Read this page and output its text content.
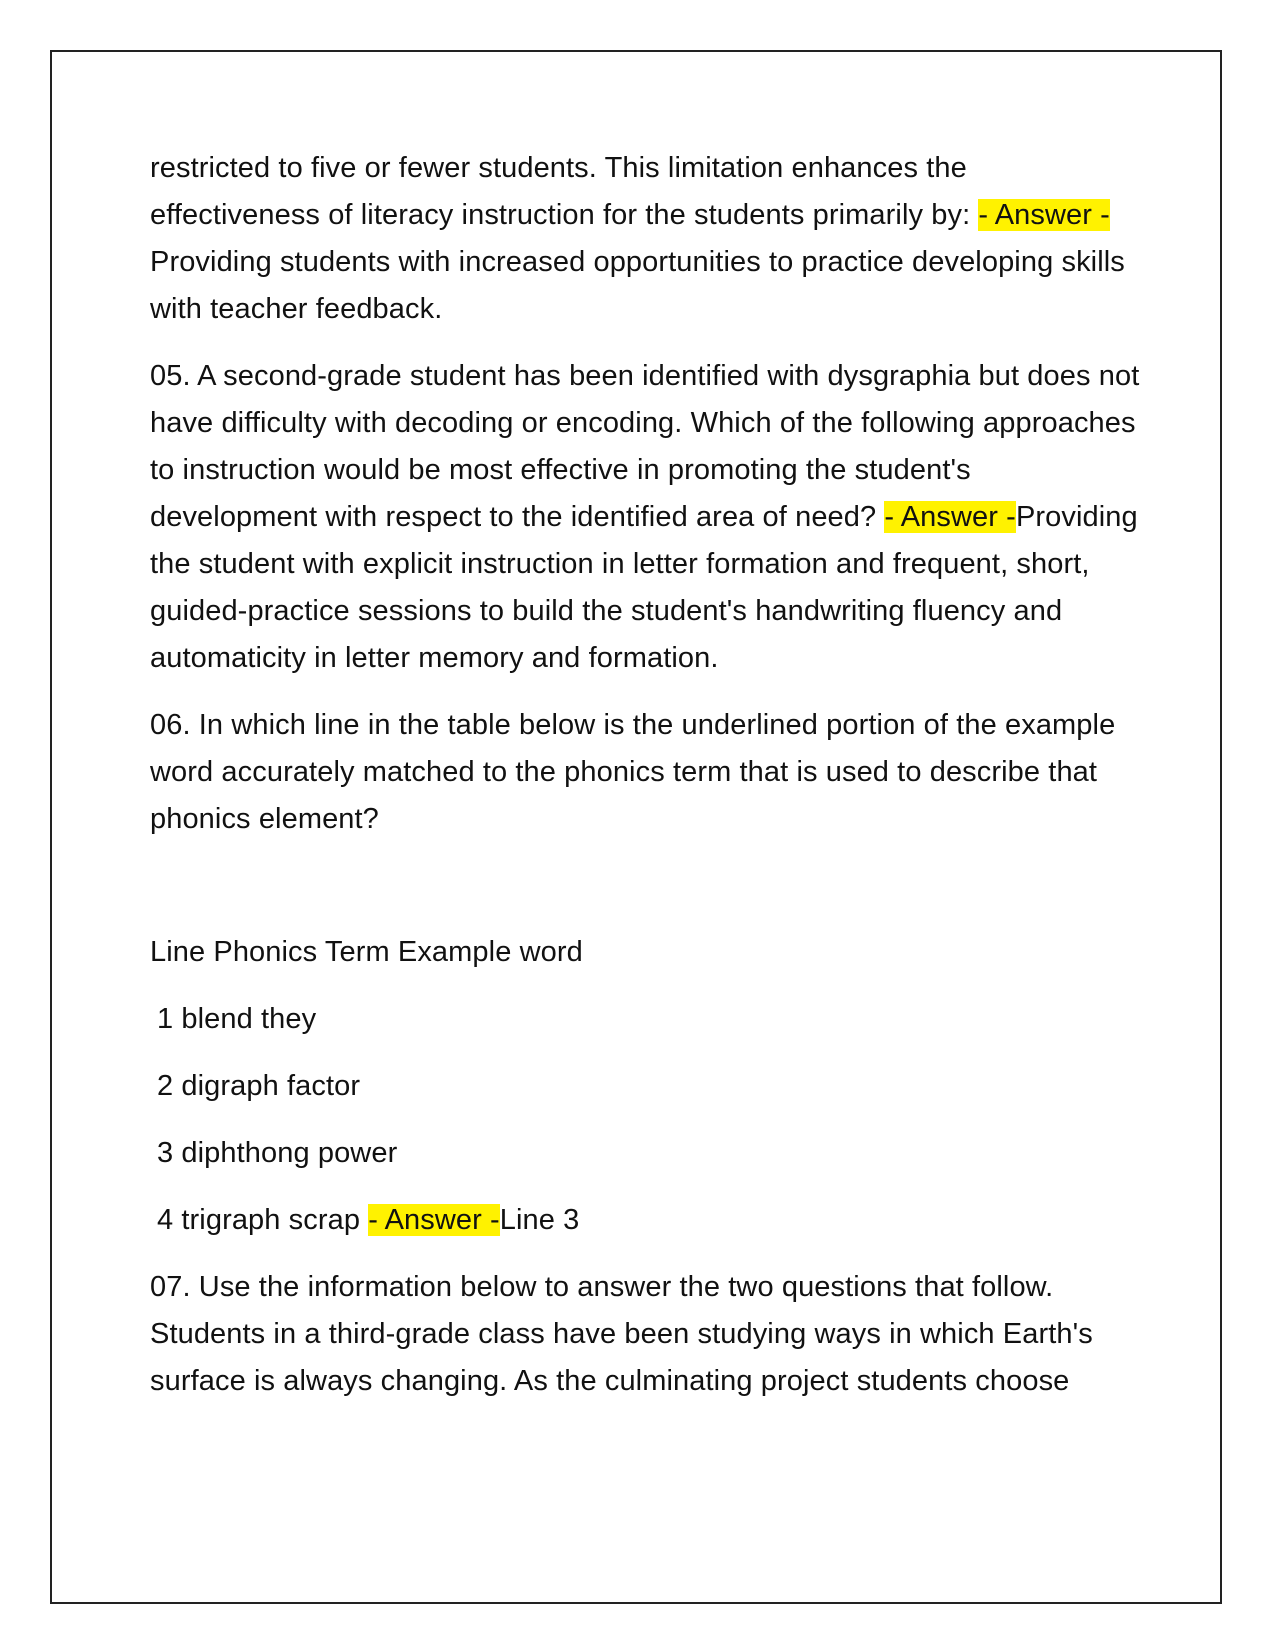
restricted to five or fewer students. This limitation enhances the effectiveness of literacy instruction for the students primarily by: - Answer -Providing students with increased opportunities to practice developing skills with teacher feedback.

05. A second-grade student has been identified with dysgraphia but does not have difficulty with decoding or encoding. Which of the following approaches to instruction would be most effective in promoting the student's development with respect to the identified area of need? - Answer -Providing the student with explicit instruction in letter formation and frequent, short, guided-practice sessions to build the student's handwriting fluency and automaticity in letter memory and formation.

06. In which line in the table below is the underlined portion of the example word accurately matched to the phonics term that is used to describe that phonics element?

Line Phonics Term Example word

1 blend they

2 digraph factor

3 diphthong power

4 trigraph scrap - Answer -Line 3

07. Use the information below to answer the two questions that follow. Students in a third-grade class have been studying ways in which Earth's surface is always changing. As the culminating project students choose
